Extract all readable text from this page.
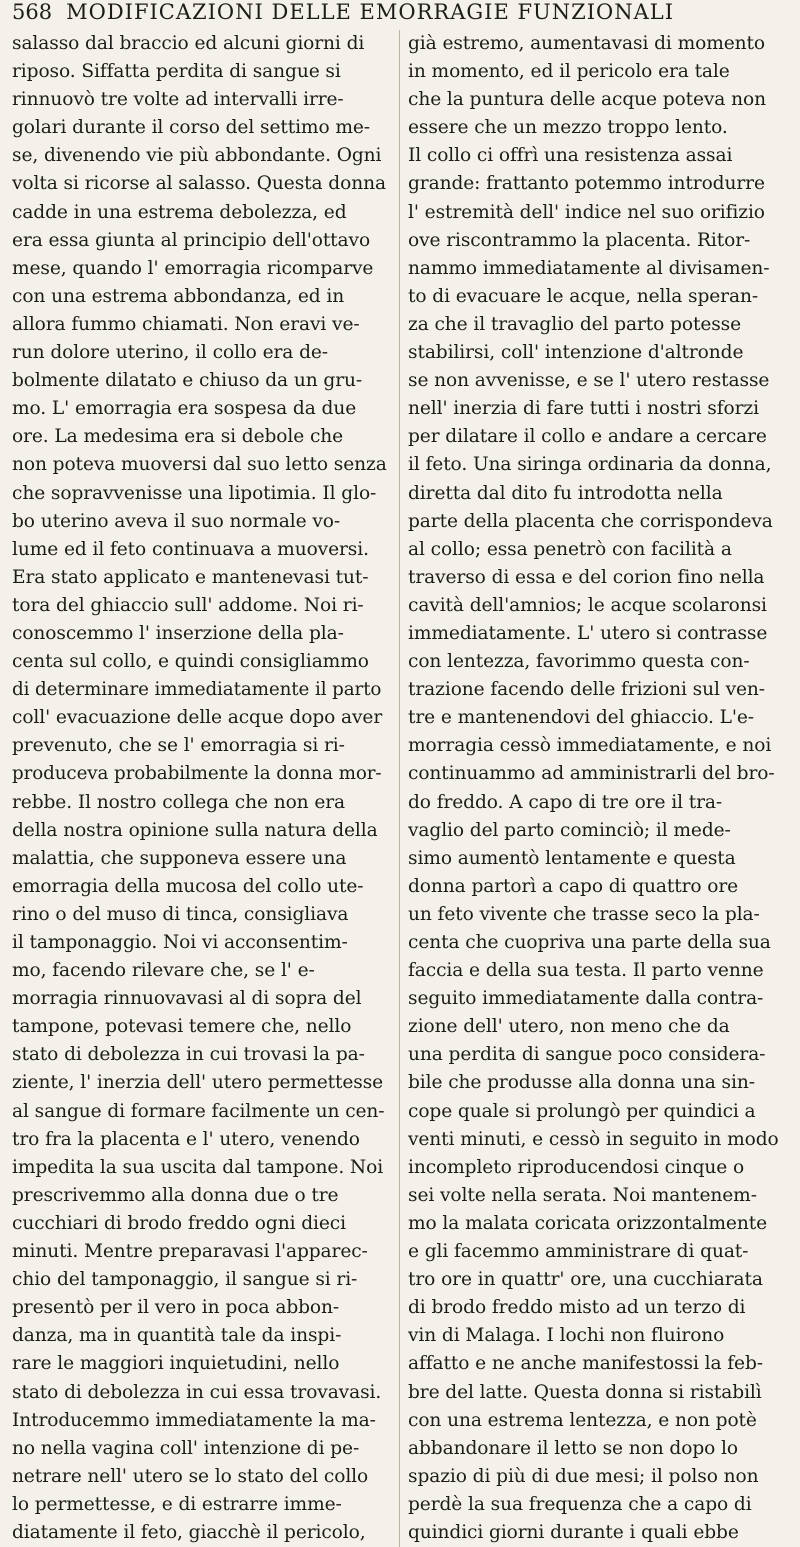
568 MODIFICAZIONI DELLE EMORRAGIE FUNZIONALI
salasso dal braccio ed alcuni giorni di
riposo. Siffatta perdita di sangue si
rinnuovò tre volte ad intervalli irre-
golari durante il corso del settimo me-
se, divenendo vie più abbondante. Ogni
volta si ricorse al salasso. Questa donna
cadde in una estrema debolezza, ed
era essa giunta al principio dell'ottavo
mese, quando l' emorragia ricomparve
con una estrema abbondanza, ed in
allora fummo chiamati. Non eravi ve-
run dolore uterino, il collo era de-
bolmente dilatato e chiuso da un gru-
mo. L' emorragia era sospesa da due
ore. La medesima era si debole che
non poteva muoversi dal suo letto senza
che sopravvenisse una lipotimia. Il glo-
bo uterino aveva il suo normale vo-
lume ed il feto continuava a muoversi.
Era stato applicato e mantenevasi tut-
tora del ghiaccio sull' addome. Noi ri-
conoscemmo l' inserzione della pla-
centa sul collo, e quindi consigliammo
di determinare immediatamente il parto
coll' evacuazione delle acque dopo aver
prevenuto, che se l' emorragia si ri-
produceva probabilmente la donna mor-
rebbe. Il nostro collega che non era
della nostra opinione sulla natura della
malattia, che supponeva essere una
emorragia della mucosa del collo ute-
rino o del muso di tinca, consigliava
il tamponaggio. Noi vi acconsentim-
mo, facendo rilevare che, se l' e-
morragia rinnuovavasi al di sopra del
tampone, potevasi temere che, nello
stato di debolezza in cui trovasi la pa-
ziente, l' inerzia dell' utero permettesse
al sangue di formare facilmente un cen-
tro fra la placenta e l' utero, venendo
impedita la sua uscita dal tampone. Noi
prescrivemmo alla donna due o tre
cucchiari di brodo freddo ogni dieci
minuti. Mentre preparavasi l'apparec-
chio del tamponaggio, il sangue si ri-
presentò per il vero in poca abbon-
danza, ma in quantità tale da inspi-
rare le maggiori inquietudini, nello
stato di debolezza in cui essa trovavasi.
Introducemmo immediatamente la ma-
no nella vagina coll' intenzione di pe-
netrare nell' utero se lo stato del collo
lo permettesse, e di estrarre imme-
diatamente il feto, giacchè il pericolo,
già estremo, aumentavasi di momento
in momento, ed il pericolo era tale
che la puntura delle acque poteva non
essere che un mezzo troppo lento.
Il collo ci offrì una resistenza assai
grande: frattanto potemmo introdurre
l' estremità dell' indice nel suo orifizio
ove riscontrammo la placenta. Ritor-
nammo immediatamente al divisamen-
to di evacuare le acque, nella speran-
za che il travaglio del parto potesse
stabilirsi, coll' intenzione d'altronde
se non avvenisse, e se l' utero restasse
nell' inerzia di fare tutti i nostri sforzi
per dilatare il collo e andare a cercare
il feto. Una siringa ordinaria da donna,
diretta dal dito fu introdotta nella
parte della placenta che corrispondeva
al collo; essa penetrò con facilità a
traverso di essa e del corion fino nella
cavità dell'amnios; le acque scolaronsi
immediatamente. L' utero si contrasse
con lentezza, favorimmo questa con-
trazione facendo delle frizioni sul ven-
tre e mantenendovi del ghiaccio. L'e-
morragia cessò immediatamente, e noi
continuammo ad amministrarli del bro-
do freddo. A capo di tre ore il tra-
vaglio del parto cominciò; il mede-
simo aumentò lentamente e questa
donna partorì a capo di quattro ore
un feto vivente che trasse seco la pla-
centa che cuopriva una parte della sua
faccia e della sua testa. Il parto venne
seguito immediatamente dalla contra-
zione dell' utero, non meno che da
una perdita di sangue poco considera-
bile che produsse alla donna una sin-
cope quale si prolungò per quindici a
venti minuti, e cessò in seguito in modo
incompleto riproducendosi cinque o
sei volte nella serata. Noi mantenem-
mo la malata coricata orizzontalmente
e gli facemmo amministrare di quat-
tro ore in quattr' ore, una cucchiarata
di brodo freddo misto ad un terzo di
vin di Malaga. I lochi non fluirono
affatto e ne anche manifestossi la feb-
bre del latte. Questa donna si ristabilì
con una estrema lentezza, e non potè
abbandonare il letto se non dopo lo
spazio di più di due mesi; il polso non
perdè la sua frequenza che a capo di
quindici giorni durante i quali ebbe
